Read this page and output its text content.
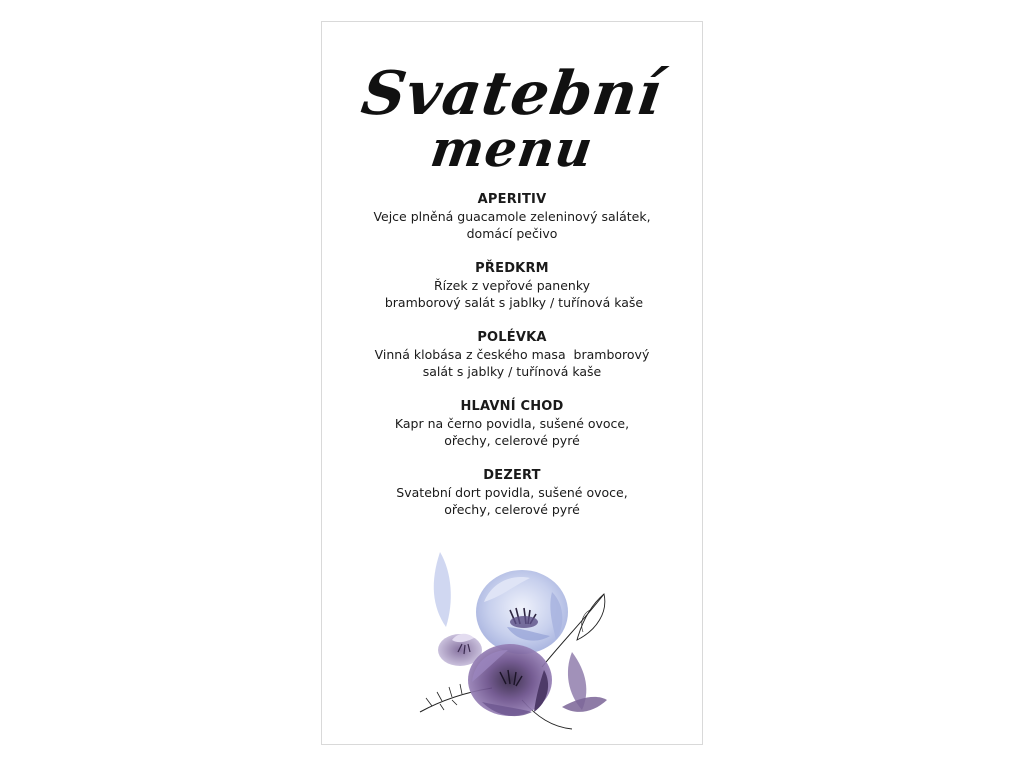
Svatební
menu
APERITIV
Vejce plněná guacamole zeleninový salátek,
domácí pečivo
PŘEDKRM
Řízek z vepřové panenky
bramborový salát s jablky / tuřínová kaše
POLÉVKA
Vinná klobása z českého masa  bramborový
salát s jablky / tuřínová kaše
HLAVNÍ CHOD
Kapr na černo povidla, sušené ovoce,
ořechy, celerové pyré
DEZERT
Svatební dort povidla, sušené ovoce,
ořechy, celerové pyré
